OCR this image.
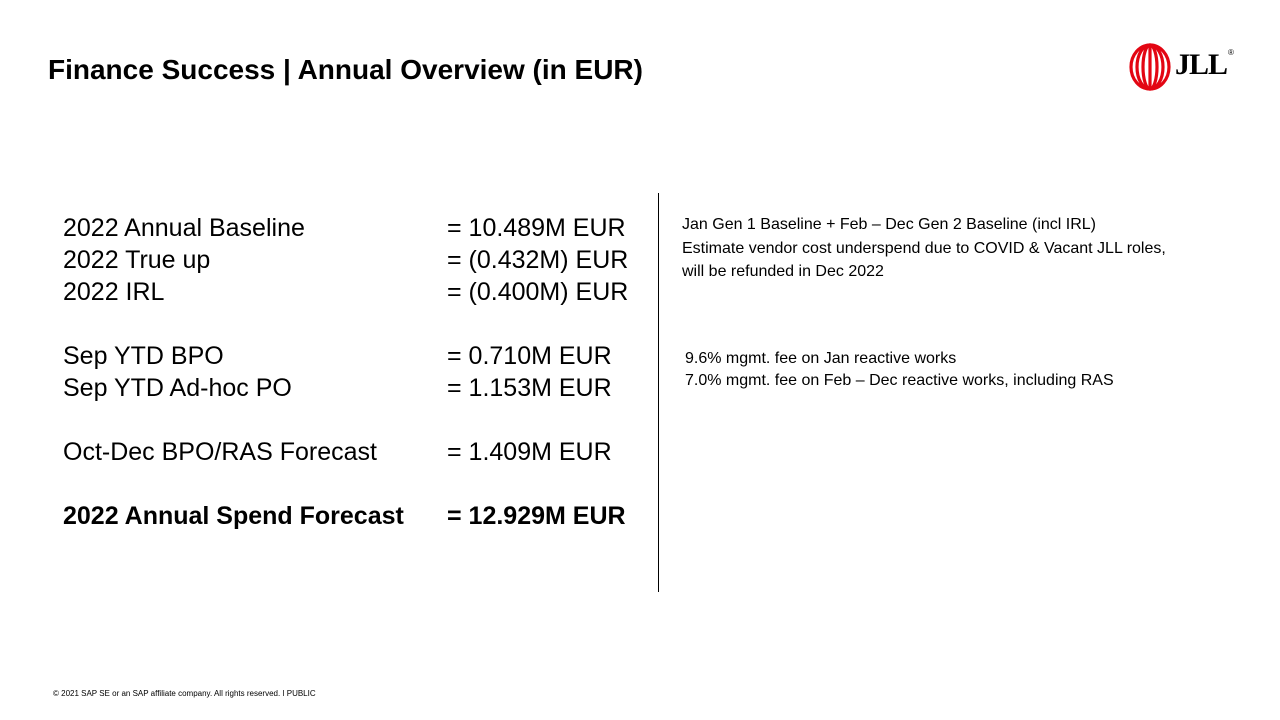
Finance Success | Annual Overview (in EUR)	JLL ®
2022 Annual Baseline	= 10.489M EUR
2022 True up	= (0.432M) EUR
2022 IRL	= (0.400M) EUR
Sep YTD BPO	= 0.710M EUR
Sep YTD Ad-hoc PO	= 1.153M EUR
Oct-Dec BPO/RAS Forecast	= 1.409M EUR
2022 Annual Spend Forecast	= 12.929M EUR
Jan Gen 1 Baseline + Feb – Dec Gen 2 Baseline (incl IRL)
Estimate vendor cost underspend due to COVID & Vacant JLL roles, will be refunded in Dec 2022
9.6% mgmt. fee on Jan reactive works
7.0% mgmt. fee on Feb – Dec reactive works, including RAS
© 2021 SAP SE or an SAP affiliate company. All rights reserved. ǀ PUBLIC
